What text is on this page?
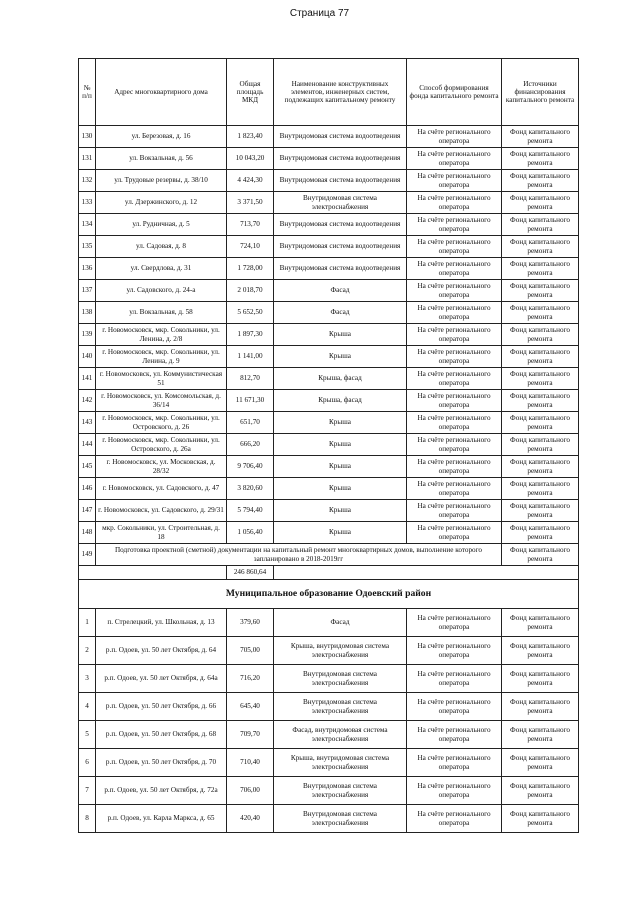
Страница 77
№ п/п	Адрес многоквартирного дома	Общая площадь МКД	Наименование конструктивных элементов, инженерных систем, подлежащих капитальному ремонту	Способ формирования фонда капитального ремонта	Источники финансирования капитального ремонта
130	ул. Березовая, д. 16	1 823,40	Внутридомовая система водоотведения	На счёте регионального оператора	Фонд капитального ремонта
131	ул. Вокзальная, д. 56	10 043,20	Внутридомовая система водоотведения	На счёте регионального оператора	Фонд капитального ремонта
132	ул. Трудовые резервы, д. 38/10	4 424,30	Внутридомовая система водоотведения	На счёте регионального оператора	Фонд капитального ремонта
133	ул. Дзержинского, д. 12	3 371,50	Внутридомовая система электроснабжения	На счёте регионального оператора	Фонд капитального ремонта
134	ул. Рудничная, д. 5	713,70	Внутридомовая система водоотведения	На счёте регионального оператора	Фонд капитального ремонта
135	ул. Садовая, д. 8	724,10	Внутридомовая система водоотведения	На счёте регионального оператора	Фонд капитального ремонта
136	ул. Свердлова, д. 31	1 728,00	Внутридомовая система водоотведения	На счёте регионального оператора	Фонд капитального ремонта
137	ул. Садовского, д. 24-а	2 018,70	Фасад	На счёте регионального оператора	Фонд капитального ремонта
138	ул. Вокзальная, д. 58	5 652,50	Фасад	На счёте регионального оператора	Фонд капитального ремонта
139	г. Новомосковск, мкр. Сокольники, ул. Ленина, д. 2/8	1 897,30	Крыша	На счёте регионального оператора	Фонд капитального ремонта
140	г. Новомосковск, мкр. Сокольники, ул. Ленина, д. 9	1 141,00	Крыша	На счёте регионального оператора	Фонд капитального ремонта
141	г. Новомосковск, ул. Коммунистическая 51	812,70	Крыша, фасад	На счёте регионального оператора	Фонд капитального ремонта
142	г. Новомосковск, ул. Комсомольская, д. 36/14	11 671,30	Крыша, фасад	На счёте регионального оператора	Фонд капитального ремонта
143	г. Новомосковск, мкр. Сокольники, ул. Островского, д. 26	651,70	Крыша	На счёте регионального оператора	Фонд капитального ремонта
144	г. Новомосковск, мкр. Сокольники, ул. Островского, д. 26а	666,20	Крыша	На счёте регионального оператора	Фонд капитального ремонта
145	г. Новомосковск, ул. Московская, д. 28/32	9 706,40	Крыша	На счёте регионального оператора	Фонд капитального ремонта
146	г. Новомосковск, ул. Садовского, д. 47	3 820,60	Крыша	На счёте регионального оператора	Фонд капитального ремонта
147	г. Новомосковск, ул. Садовского, д. 29/31	5 794,40	Крыша	На счёте регионального оператора	Фонд капитального ремонта
148	мкр. Сокольники, ул. Строительная, д. 18	1 056,40	Крыша	На счёте регионального оператора	Фонд капитального ремонта
149	Подготовка проектной (сметной) документации на капитальный ремонт многоквартирных домов, выполнение которого запланировано в 2018-2019гг				Фонд капитального ремонта
		246 860,64			
Муниципальное образование Одоевский район					
1	п. Стрелецкий, ул. Школьная, д. 13	379,60	Фасад	На счёте регионального оператора	Фонд капитального ремонта
2	р.п. Одоев, ул. 50 лет Октября, д. 64	705,00	Крыша, внутридомовая система электроснабжения	На счёте регионального оператора	Фонд капитального ремонта
3	р.п. Одоев, ул. 50 лет Октября, д. 64а	716,20	Внутридомовая система электроснабжения	На счёте регионального оператора	Фонд капитального ремонта
4	р.п. Одоев, ул. 50 лет Октября, д. 66	645,40	Внутридомовая система электроснабжения	На счёте регионального оператора	Фонд капитального ремонта
5	р.п. Одоев, ул. 50 лет Октября, д. 68	709,70	Фасад, внутридомовая система электроснабжения	На счёте регионального оператора	Фонд капитального ремонта
6	р.п. Одоев, ул. 50 лет Октября, д. 70	710,40	Крыша, внутридомовая система электроснабжения	На счёте регионального оператора	Фонд капитального ремонта
7	р.п. Одоев, ул. 50 лет Октября, д. 72а	706,00	Внутридомовая система электроснабжения	На счёте регионального оператора	Фонд капитального ремонта
8	р.п. Одоев, ул. Карла Маркса, д. 65	420,40	Внутридомовая система электроснабжения	На счёте регионального оператора	Фонд капитального ремонта
